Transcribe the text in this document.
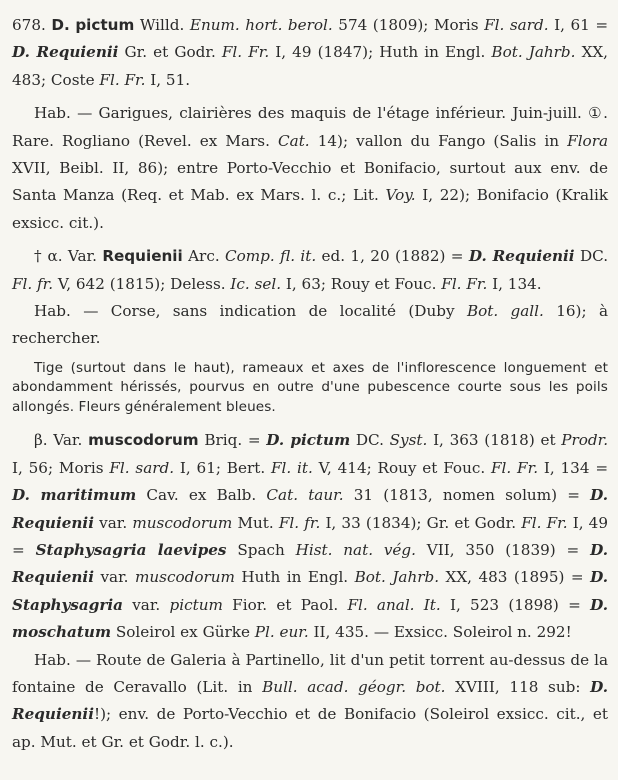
678. D. pictum Willd. Enum. hort. berol. 574 (1809); Moris Fl. sard. I, 61 = D. Requienii Gr. et Godr. Fl. Fr. I, 49 (1847); Huth in Engl. Bot. Jahrb. XX, 483; Coste Fl. Fr. I, 51.

Hab. — Garigues, clairières des maquis de l'étage inférieur. Juin-juill. ①. Rare. Rogliano (Revel. ex Mars. Cat. 14); vallon du Fango (Salis in Flora XVII, Beibl. II, 86); entre Porto-Vecchio et Bonifacio, surtout aux env. de Santa Manza (Req. et Mab. ex Mars. l. c.; Lit. Voy. I, 22); Bonifacio (Kralik exsicc. cit.).

† α. Var. Requienii Arc. Comp. fl. it. ed. 1, 20 (1882) = D. Requienii DC. Fl. fr. V, 642 (1815); Deless. Ic. sel. I, 63; Rouy et Fouc. Fl. Fr. I, 134.

Hab. — Corse, sans indication de localité (Duby Bot. gall. 16); à rechercher.

Tige (surtout dans le haut), rameaux et axes de l'inflorescence longuement et abondamment hérissés, pourvus en outre d'une pubescence courte sous les poils allongés. Fleurs généralement bleues.

β. Var. muscodorum Briq. = D. pictum DC. Syst. I, 363 (1818) et Prodr. I, 56; Moris Fl. sard. I, 61; Bert. Fl. it. V, 414; Rouy et Fouc. Fl. Fr. I, 134 = D. maritimum Cav. ex Balb. Cat. taur. 31 (1813, nomen solum) = D. Requienii var. muscodorum Mut. Fl. fr. I, 33 (1834); Gr. et Godr. Fl. Fr. I, 49 = Staphysagria laevipes Spach Hist. nat. vég. VII, 350 (1839) = D. Requienii var. muscodorum Huth in Engl. Bot. Jahrb. XX, 483 (1895) = D. Staphysagria var. pictum Fior. et Paol. Fl. anal. It. I, 523 (1898) = D. moschatum Soleirol ex Gürke Pl. eur. II, 435. — Exsicc. Soleirol n. 292!

Hab. — Route de Galeria à Partinello, lit d'un petit torrent au-dessus de la fontaine de Ceravallo (Lit. in Bull. acad. géogr. bot. XVIII, 118 sub: D. Requienii!); env. de Porto-Vecchio et de Bonifacio (Soleirol exsicc. cit., et ap. Mut. et Gr. et Godr. l. c.).
